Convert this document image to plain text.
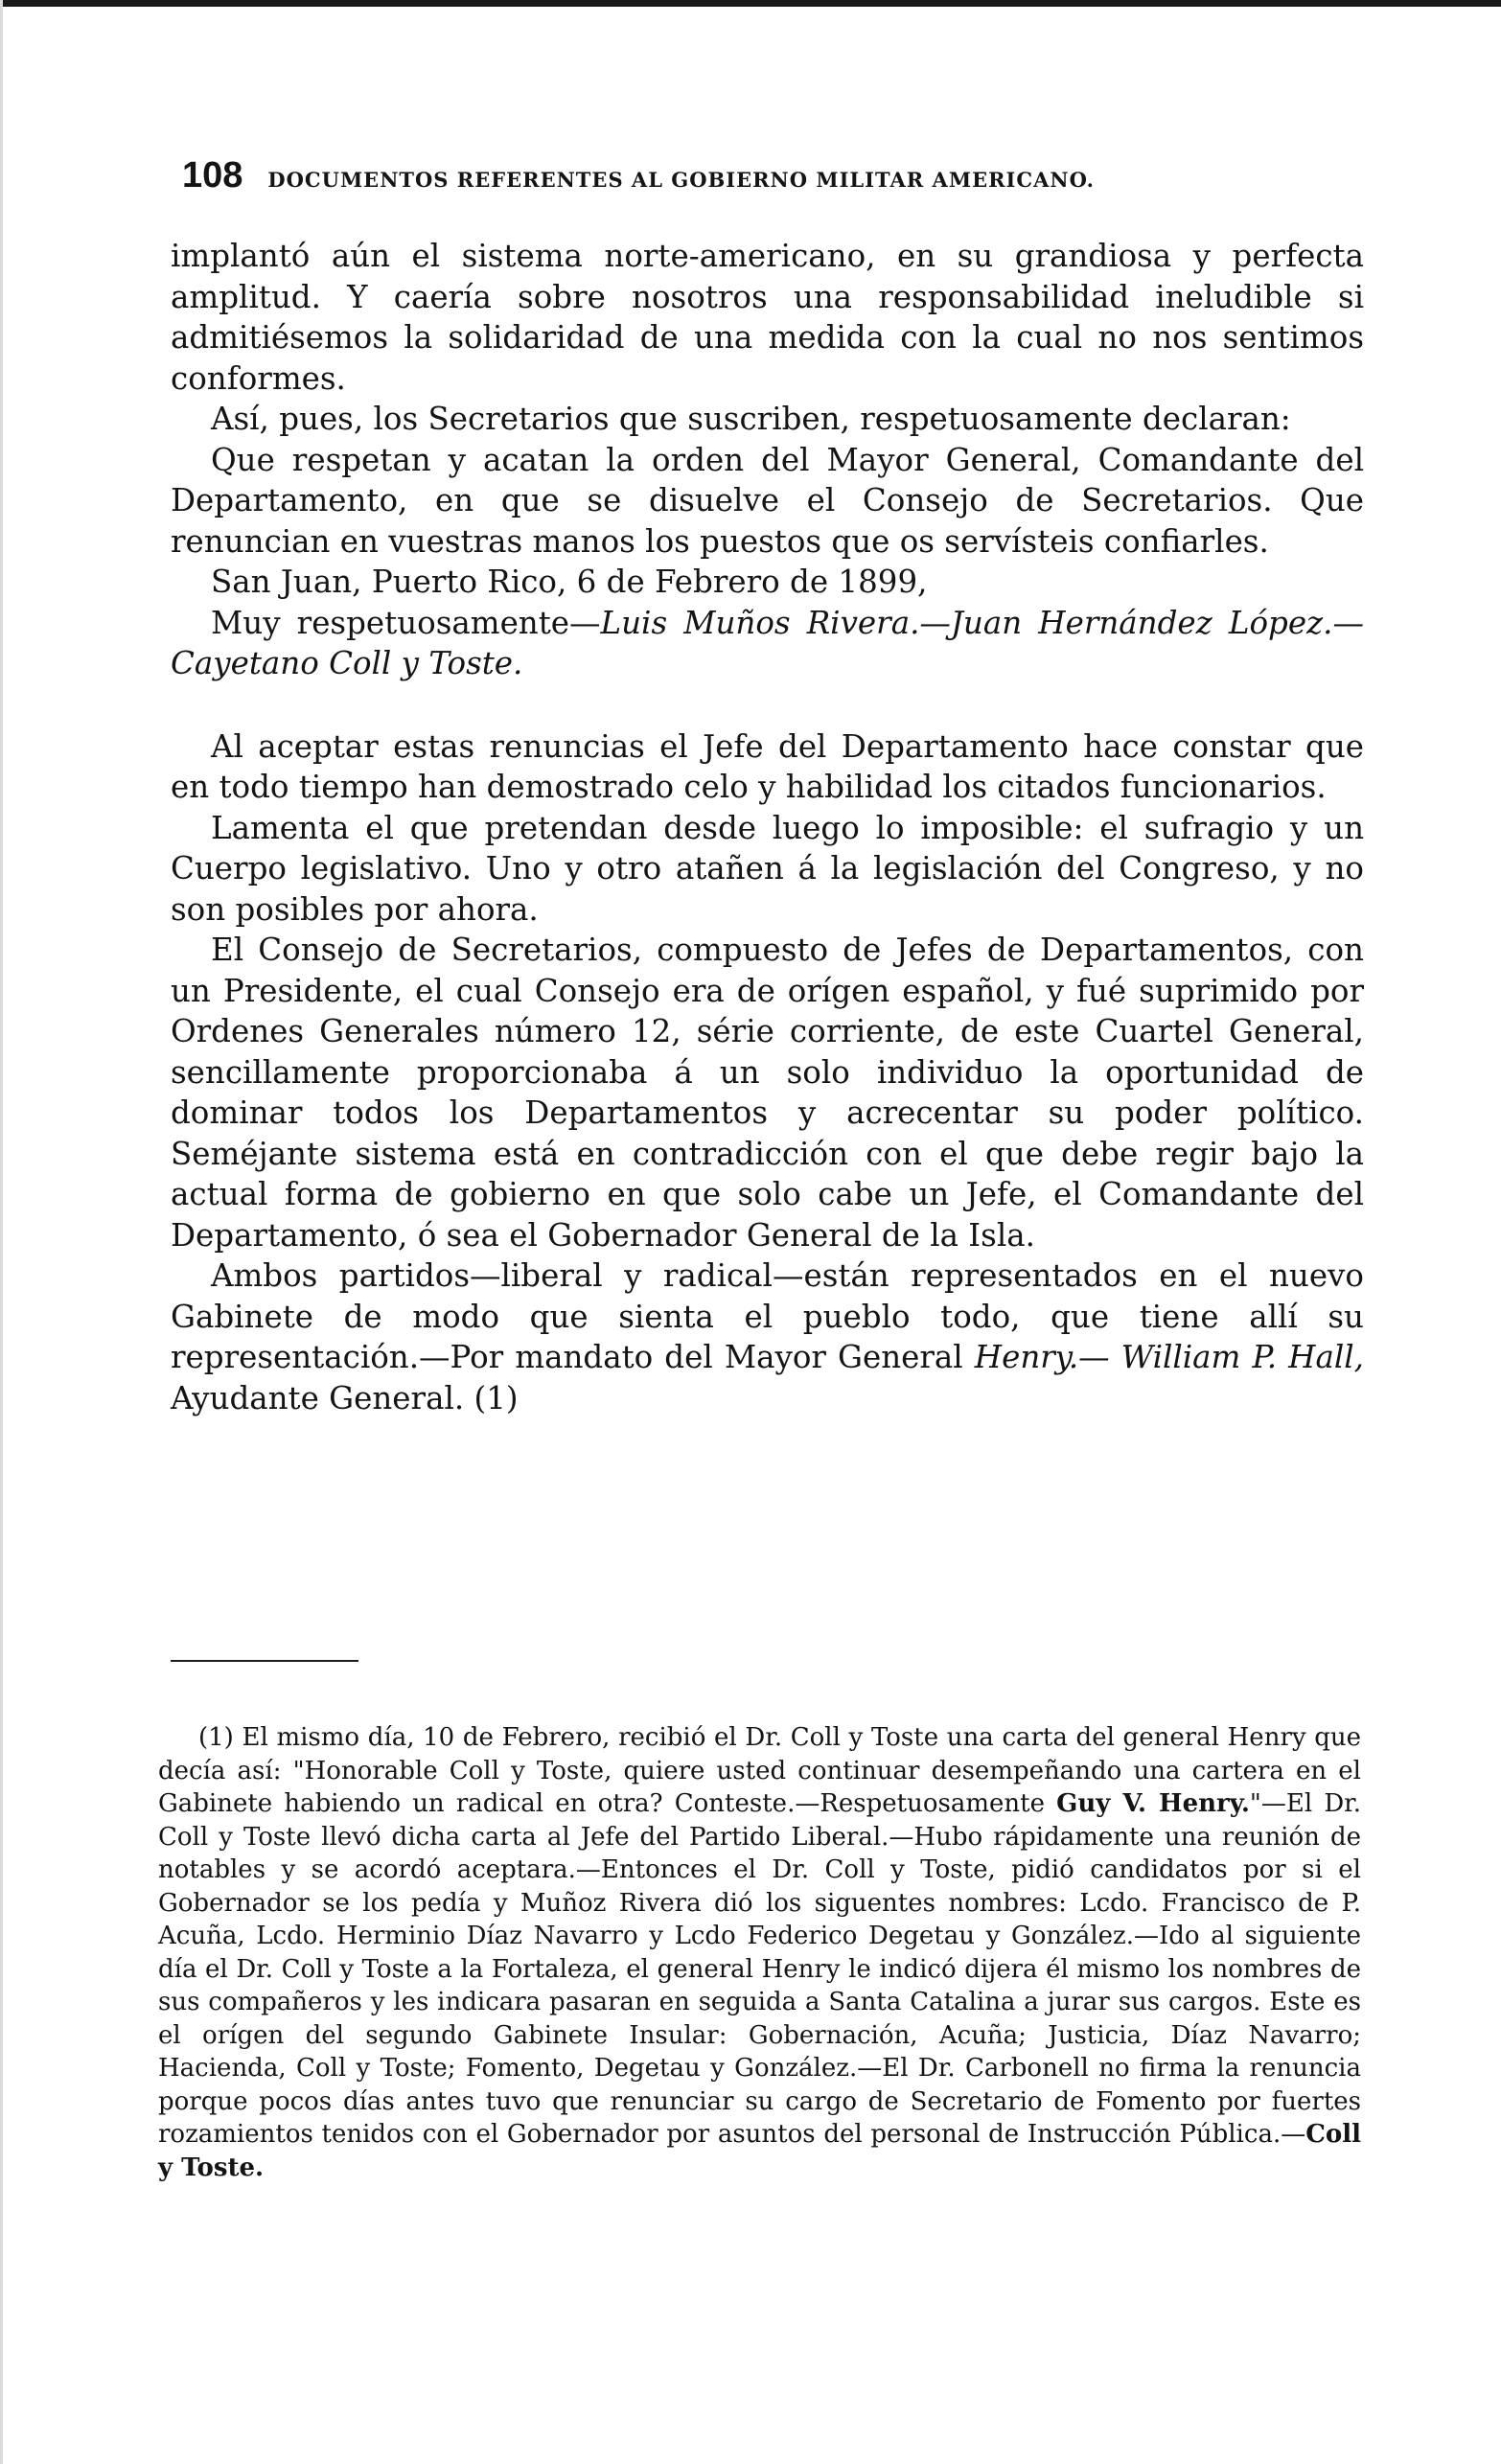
108 DOCUMENTOS REFERENTES AL GOBIERNO MILITAR AMERICANO.

implantó aún el sistema norte-americano, en su grandiosa y perfecta amplitud. Y caería sobre nosotros una responsabilidad ineludible si admitiésemos la solidaridad de una medida con la cual no nos sentimos conformes.

Así, pues, los Secretarios que suscriben, respetuosamente declaran:

Que respetan y acatan la orden del Mayor General, Comandante del Departamento, en que se disuelve el Consejo de Secretarios. Que renuncian en vuestras manos los puestos que os servísteis confiarles.

San Juan, Puerto Rico, 6 de Febrero de 1899,

Muy respetuosamente—Luis Muños Rivera.—Juan Hernández López.—Cayetano Coll y Toste.

Al aceptar estas renuncias el Jefe del Departamento hace constar que en todo tiempo han demostrado celo y habilidad los citados funcionarios.

Lamenta el que pretendan desde luego lo imposible: el sufragio y un Cuerpo legislativo. Uno y otro atañen á la legislación del Congreso, y no son posibles por ahora.

El Consejo de Secretarios, compuesto de Jefes de Departamentos, con un Presidente, el cual Consejo era de orígen español, y fué suprimido por Ordenes Generales número 12, série corriente, de este Cuartel General, sencillamente proporcionaba á un solo individuo la oportunidad de dominar todos los Departamentos y acrecentar su poder político. Seméjante sistema está en contradicción con el que debe regir bajo la actual forma de gobierno en que solo cabe un Jefe, el Comandante del Departamento, ó sea el Gobernador General de la Isla.

Ambos partidos—liberal y radical—están representados en el nuevo Gabinete de modo que sienta el pueblo todo, que tiene allí su representación.—Por mandato del Mayor General Henry.— William P. Hall, Ayudante General. (1)

(1) El mismo día, 10 de Febrero, recibió el Dr. Coll y Toste una carta del general Henry que decía así: "Honorable Coll y Toste, quiere usted continuar desempeñando una cartera en el Gabinete habiendo un radical en otra? Conteste.—Respetuosamente Guy V. Henry."—El Dr. Coll y Toste llevó dicha carta al Jefe del Partido Liberal.—Hubo rápidamente una reunión de notables y se acordó aceptara.—Entonces el Dr. Coll y Toste, pidió candidatos por si el Gobernador se los pedía y Muñoz Rivera dió los siguentes nombres: Lcdo. Francisco de P. Acuña, Lcdo. Herminio Díaz Navarro y Lcdo Federico Degetau y González.—Ido al siguiente día el Dr. Coll y Toste a la Fortaleza, el general Henry le indicó dijera él mismo los nombres de sus compañeros y les indicara pasaran en seguida a Santa Catalina a jurar sus cargos. Este es el orígen del segundo Gabinete Insular: Gobernación, Acuña; Justicia, Díaz Navarro; Hacienda, Coll y Toste; Fomento, Degetau y González.—El Dr. Carbonell no firma la renuncia porque pocos días antes tuvo que renunciar su cargo de Secretario de Fomento por fuertes rozamientos tenidos con el Gobernador por asuntos del personal de Instrucción Pública.—Coll y Toste.
